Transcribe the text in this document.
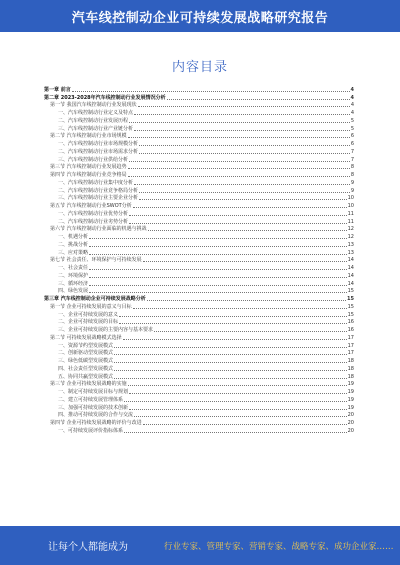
汽车线控制动企业可持续发展战略研究报告
内容目录
第一章 前言	4
第二章 2023-2028年汽车线控制动行业发展情况分析	4
第一节 我国汽车线控制动行业发展现状	4
一、汽车线控制动行业定义及特点	4
二、汽车线控制动行业发展历程	5
三、汽车线控制动行业产业链分析	5
第二节 汽车线控制动行业市场规模	6
一、汽车线控制动行业市场规模分析	6
二、汽车线控制动行业市场需求分析	7
三、汽车线控制动行业供给分析	7
第三节 汽车线控制动行业发展趋势	8
第四节 汽车线控制动行业竞争格局	8
一、汽车线控制动行业集中度分析	9
二、汽车线控制动行业竞争格局分析	9
三、汽车线控制动行业主要企业分析	10
第五节 汽车线控制动行业SWOT分析	10
一、汽车线控制动行业优势分析	11
二、汽车线控制动行业劣势分析	11
第六节 汽车线控制动行业面临的机遇与挑战	12
一、机遇分析	12
二、挑战分析	13
三、应对策略	13
第七节 社会责任、环境保护与可持续发展	14
一、社会责任	14
二、环境保护	14
三、循环经济	14
四、绿色发展	15
第三章 汽车线控制动企业可持续发展战略分析	15
第一节 企业可持续发展的意义与目标	15
一、企业可持续发展的意义	15
二、企业可持续发展的目标	16
三、企业可持续发展的主要内容与基本要求	16
第二节 可持续发展战略模式选择	17
一、资源节约型发展模式	17
二、创新驱动型发展模式	17
三、绿色低碳型发展模式	18
四、社会责任型发展模式	18
五、协同共赢型发展模式	18
第三节 企业可持续发展战略的实施	19
一、制定可持续发展目标与规划	19
二、建立可持续发展管理体系	19
三、加强可持续发展的技术创新	19
四、推动可持续发展的合作与交流	20
第四节 企业可持续发展战略的评价与改进	20
一、可持续发展评价指标体系	20
让每个人都能成为	行业专家、管理专家、营销专家、战略专家、成功企业家……
